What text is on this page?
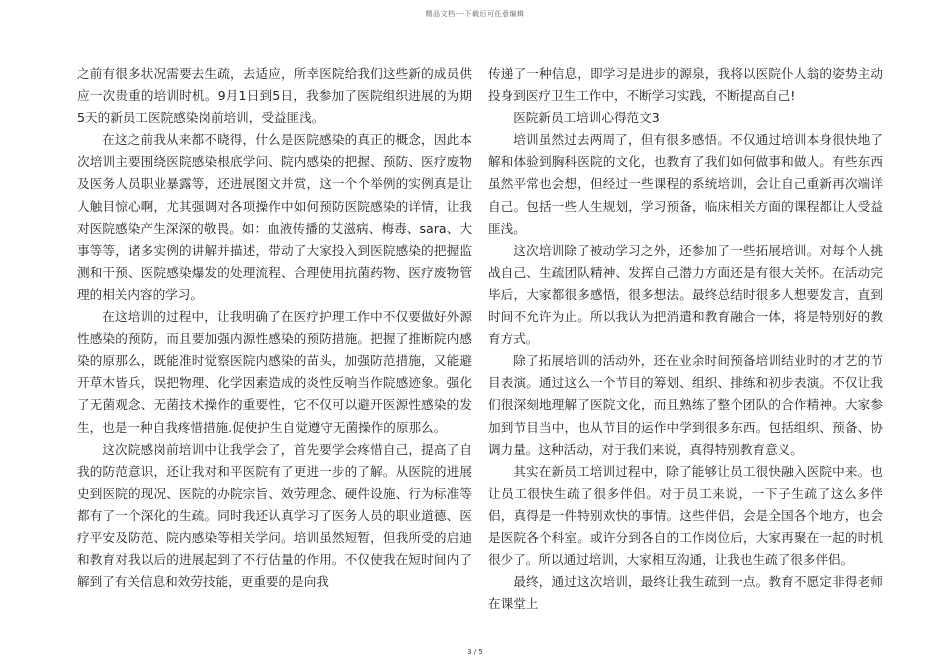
精品文档---下载后可任意编辑

之前有很多状况需要去生疏，去适应，所幸医院给我们这些新的成员供应一次贵重的培训时机。9月1日到5日，我参加了医院组织进展的为期5天的新员工医院感染岗前培训，受益匪浅。

在这之前我从来都不晓得，什么是医院感染的真正的概念，因此本次培训主要围绕医院感染根底学问、院内感染的把握、预防、医疗废物及医务人员职业暴露等，还进展图文并赏，这一个个举例的实例真是让人触目惊心啊，尤其强调对各项操作中如何预防医院感染的详情，让我对医院感染产生深深的敬畏。如：血液传播的艾滋病、梅毒、sara、大事等等，诸多实例的讲解并描述，带动了大家投入到医院感染的把握监测和干预、医院感染爆发的处理流程、合理使用抗菌药物、医疗废物管理的相关内容的学习。

在这培训的过程中，让我明确了在医疗护理工作中不仅要做好外源性感染的预防，而且要加强内源性感染的预防措施。把握了推断院内感染的原那么，既能准时觉察医院内感染的苗头，加强防范措施，又能避开草木皆兵，误把物理、化学因素造成的炎性反响当作院感迹象。强化了无菌观念、无菌技术操作的重要性，它不仅可以避开医源性感染的发生，也是一种自我疼惜措施.促使护生自觉遵守无菌操作的原那么。

这次院感岗前培训中让我学会了，首先要学会疼惜自己，提高了自我的防范意识，还让我对和平医院有了更进一步的了解。从医院的进展史到医院的现况、医院的办院宗旨、效劳理念、硬件设施、行为标准等都有了一个深化的生疏。同时我还认真学习了医务人员的职业道德、医疗平安及防范、院内感染等相关学问。培训虽然短暂，但我所受的启迪和教育对我以后的进展起到了不行估量的作用。不仅使我在短时间内了解到了有关信息和效劳技能，更重要的是向我

传递了一种信息，即学习是进步的源泉，我将以医院仆人翁的姿势主动投身到医疗卫生工作中，不断学习实践，不断提高自己!

医院新员工培训心得范文3

培训虽然过去两周了，但有很多感悟。不仅通过培训本身很快地了解和体验到胸科医院的文化，也教育了我们如何做事和做人。有些东西虽然平常也会想，但经过一些课程的系统培训，会让自己重新再次端详自己。包括一些人生规划，学习预备，临床相关方面的课程都让人受益匪浅。

这次培训除了被动学习之外，还参加了一些拓展培训。对每个人挑战自己、生疏团队精神、发挥自己潜力方面还是有很大关怀。在活动完毕后，大家都很多感悟，很多想法。最终总结时很多人想要发言，直到时间不允许为止。所以我认为把消遣和教育融合一体，将是特别好的教育方式。

除了拓展培训的活动外，还在业余时间预备培训结业时的才艺的节目表演。通过这么一个节目的筹划、组织、排练和初步表演。不仅让我们很深刻地理解了医院文化，而且熟练了整个团队的合作精神。大家参加到节目当中，也从节目的运作中学到很多东西。包括组织、预备、协调力量。这种活动，对于我们来说，真得特别教育意义。

其实在新员工培训过程中，除了能够让员工很快融入医院中来。也让员工很快生疏了很多伴侣。对于员工来说，一下子生疏了这么多伴侣，真得是一件特别欢快的事情。这些伴侣，会是全国各个地方，也会是医院各个科室。或许分到各自的工作岗位后，大家再聚在一起的时机很少了。所以通过培训，大家相互沟通，让我也生疏了很多伴侣。

最终，通过这次培训，最终让我生疏到一点。教育不愿定非得老师在课堂上

3 / 5
